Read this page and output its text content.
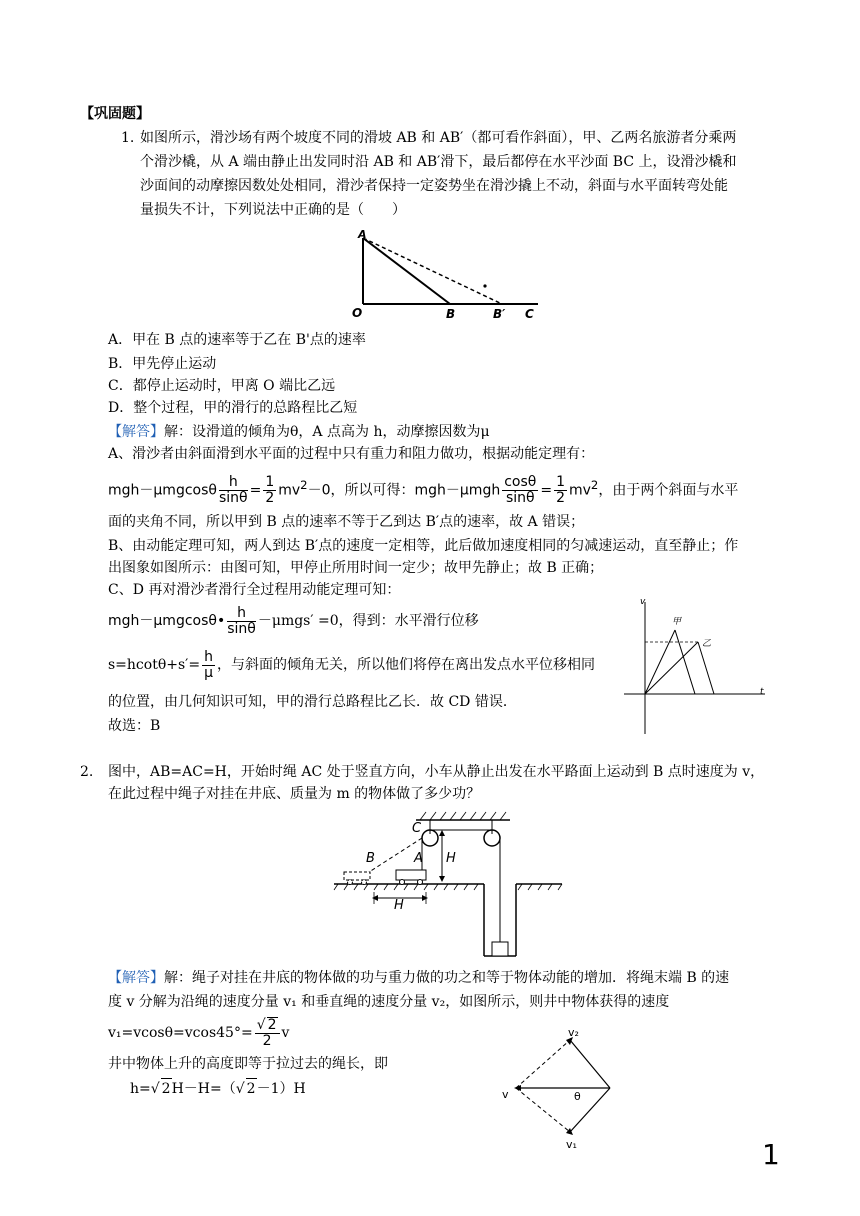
【巩固题】
1. 如图所示，滑沙场有两个坡度不同的滑坡 AB 和 AB′（都可看作斜面），甲、乙两名旅游者分乘两
个滑沙橇，从 A 端由静止出发同时沿 AB 和 AB′滑下，最后都停在水平沙面 BC 上，设滑沙橇和
沙面间的动摩擦因数处处相同，滑沙者保持一定姿势坐在滑沙撬上不动，斜面与水平面转弯处能
量损失不计，下列说法中正确的是（　　）
A
O	B	B′ C
A．甲在 B 点的速率等于乙在 B'点的速率
B．甲先停止运动
C．都停止运动时，甲离 O 端比乙远
D．整个过程，甲的滑行的总路程比乙短
【解答】解：设滑道的倾角为θ，A 点高为 h，动摩擦因数为μ
A、滑沙者由斜面滑到水平面的过程中只有重力和阻力做功，根据动能定理有：
$mgh-\mu mgcos\theta \frac{h}{\sin\theta} = \frac{1}{2} mv^2-0$，所以可得：$mgh-\mu mgh \frac{\cos\theta}{\sin\theta} = \frac{1}{2} mv^2$，由于两个斜面与水平
面的夹角不同，所以甲到 B 点的速率不等于乙到达 B′点的速率，故 A 错误；
B、由动能定理可知，两人到达 B′点的速度一定相等，此后做加速度相同的匀减速运动，直至静止；作
出图象如图所示：由图可知，甲停止所用时间一定少；故甲先静止；故 B 正确；
C、D 再对滑沙者滑行全过程用动能定理可知：
mgh－μmgcosθ• $\frac{h}{\sin\theta} -\mu mgs' =0$，得到：水平滑行位移
$s=hcot\theta+s'= \frac{h}{\mu}$ ，与斜面的倾角无关，所以他们将停在离出发点水平位移相同
的位置，由几何知识可知，甲的滑行总路程比乙长．故 CD 错误．
故选：B
v
t
甲
乙
2. 图中，AB=AC=H，开始时绳 AC 处于竖直方向，小车从静止出发在水平路面上运动到 B 点时速度为 v，
在此过程中绳子对挂在井底、质量为 m 的物体做了多少功？
C
B	A H
H
【解答】解：绳子对挂在井底的物体做的功与重力做的功之和等于物体动能的增加．将绳末端 B 的速
度 v 分解为沿绳的速度分量 v₁ 和垂直绳的速度分量 v₂，如图所示，则井中物体获得的速度
$v_1=vcos\theta=vcos45^\circ= \frac{√ 2}{2}$ v
井中物体上升的高度即等于拉过去的绳长，即
h=√ 2H－H=（√ 2－1）H	v
v₂
v₁
θ
1
